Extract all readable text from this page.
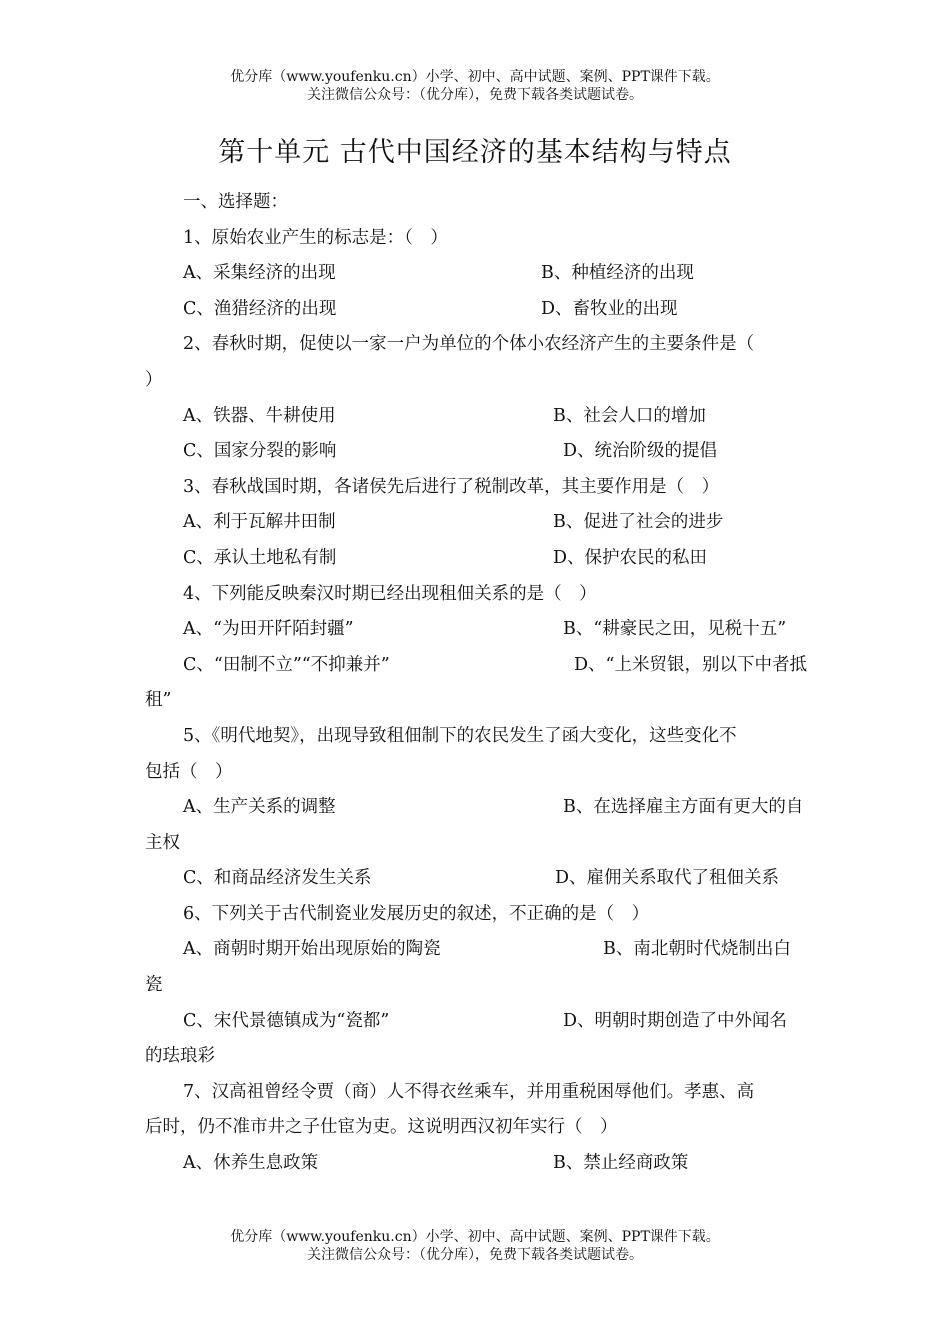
优分库（www.youfenku.cn）小学、初中、高中试题、案例、PPT课件下载。
关注微信公众号：（优分库），免费下载各类试题试卷。
第十单元 古代中国经济的基本结构与特点
一、选择题：
1、原始农业产生的标志是：（　）
A、采集经济的出现	B、种植经济的出现
C、渔猎经济的出现	D、畜牧业的出现
2、春秋时期，促使以一家一户为单位的个体小农经济产生的主要条件是（
）
A、铁器、牛耕使用	B、社会人口的增加
C、国家分裂的影响	D、统治阶级的提倡
3、春秋战国时期，各诸侯先后进行了税制改革，其主要作用是（　）
A、利于瓦解井田制	B、促进了社会的进步
C、承认土地私有制	D、保护农民的私田
4、下列能反映秦汉时期已经出现租佃关系的是（　）
A、“为田开阡陌封疆”	B、“耕豪民之田，见税十五”
C、“田制不立”“不抑兼并”	D、“上米贸银，别以下中者抵
租”
5、《明代地契》，出现导致租佃制下的农民发生了函大变化，这些变化不
包括（　）
A、生产关系的调整	B、在选择雇主方面有更大的自
主权
C、和商品经济发生关系	D、雇佣关系取代了租佃关系
6、下列关于古代制瓷业发展历史的叙述，不正确的是（　）
A、商朝时期开始出现原始的陶瓷	B、南北朝时代烧制出白
瓷
C、宋代景德镇成为“瓷都”	D、明朝时期创造了中外闻名
的珐琅彩
7、汉高祖曾经令贾（商）人不得衣丝乘车，并用重税困辱他们。孝惠、高
后时，仍不准市井之子仕宦为吏。这说明西汉初年实行（　）
A、休养生息政策	B、禁止经商政策
优分库（www.youfenku.cn）小学、初中、高中试题、案例、PPT课件下载。
关注微信公众号：（优分库），免费下载各类试题试卷。
